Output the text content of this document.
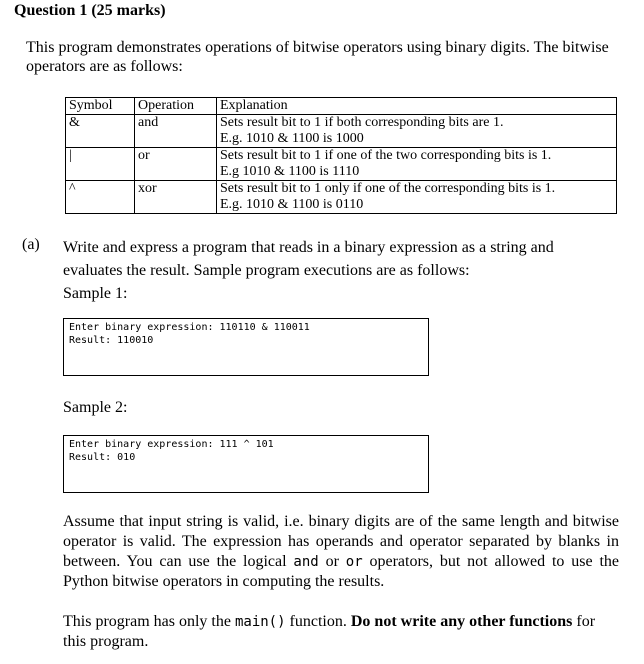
Question 1 (25 marks)
This program demonstrates operations of bitwise operators using binary digits. The bitwise operators are as follows:
Symbol	Operation	Explanation
&	and	Sets result bit to 1 if both corresponding bits are 1.
E.g. 1010 & 1100 is 1000

|	or	Sets result bit to 1 if one of the two corresponding bits is 1.
E.g 1010 & 1100 is 1110

^	xor	Sets result bit to 1 only if one of the corresponding bits is 1.
E.g. 1010 & 1100 is 0110
(a) Write and express a program that reads in a binary expression as a string and
evaluates the result. Sample program executions are as follows:
Sample 1:
Enter binary expression: 110110 & 110011
Result: 110010
Sample 2:
Enter binary expression: 111 ^ 101
Result: 010
Assume that input string is valid, i.e. binary digits are of the same length and bitwise operator is valid. The expression has operands and operator separated by blanks in between. You can use the logical and or or operators, but not allowed to use the Python bitwise operators in computing the results.
This program has only the main() function. Do not write any other functions for this program.
